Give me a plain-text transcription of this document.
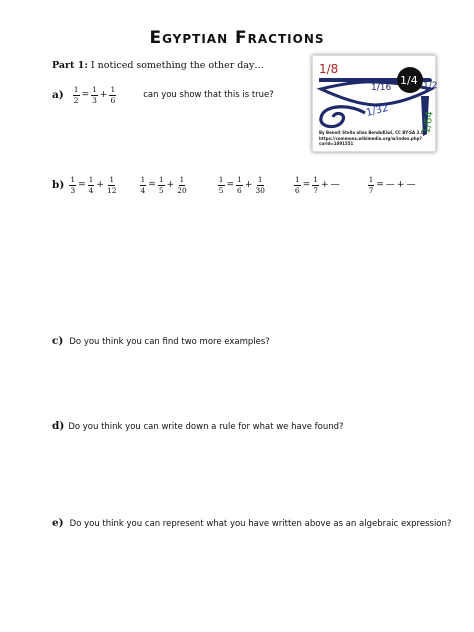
Egyptian Fractions
Part 1: I noticed something the other day…
$a) \frac{1}{2} = \frac{1}{3} + \frac{1}{6}$	can you show that this is true?
$b) \frac{1}{3} = \frac{1}{4} + \frac{1}{12}$	$\frac{1}{4} = \frac{1}{5} + \frac{1}{20}$	$\frac{1}{5} = \frac{1}{6} + \frac{1}{30}$	$\frac{1}{6} = \frac{1}{7}$ + —	$\frac{1}{7}$ = — + —
c) Do you think you can find two more examples?
d) Do you think you can write down a rule for what we have found?
e) Do you think you can represent what you have written above as an algebraic expression?
1/8
1/16
1/4 1/2
1/32	1/64
By Benoît Stella alias BenduKiwi, CC BY-SA 3.0, https://commons.wikimedia.org/w/index.php?curid=1891551
